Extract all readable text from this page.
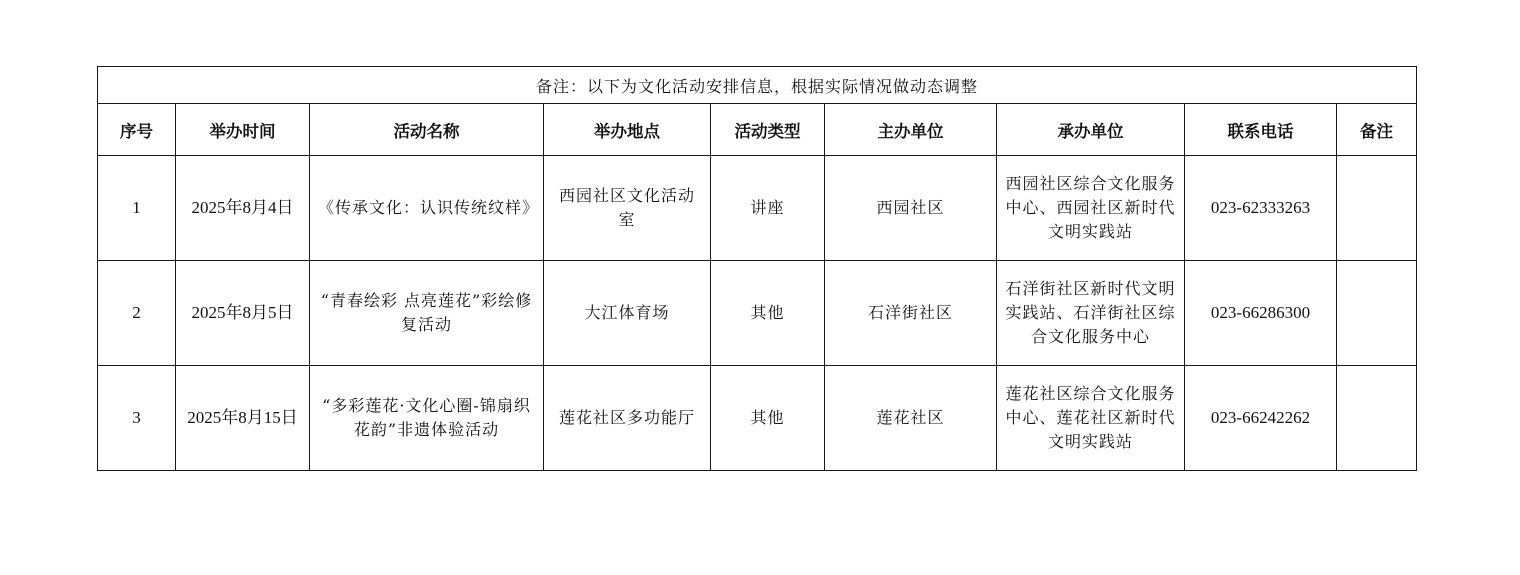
备注：以下为文化活动安排信息，根据实际情况做动态调整								
序号	举办时间	活动名称	举办地点	活动类型	主办单位	承办单位	联系电话	备注
1	2025年8月4日	《传承文化：认识传统纹样》	西园社区文化活动室	讲座	西园社区	西园社区综合文化服务中心、西园社区新时代文明实践站	023-62333263	
2	2025年8月5日	“青春绘彩 点亮莲花”彩绘修复活动	大江体育场	其他	石洋街社区	石洋街社区新时代文明实践站、石洋街社区综合文化服务中心	023-66286300	
3	2025年8月15日	“多彩莲花·文化心圈-锦扇织花韵”非遗体验活动	莲花社区多功能厅	其他	莲花社区	莲花社区综合文化服务中心、莲花社区新时代文明实践站	023-66242262	
